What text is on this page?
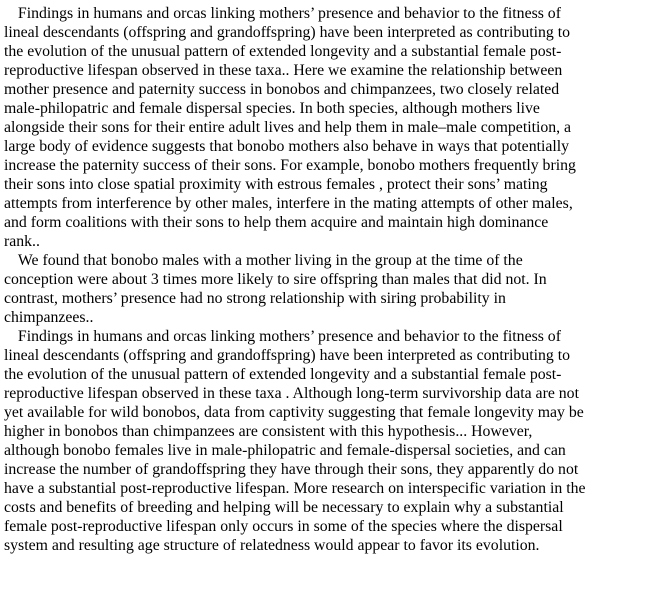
Findings in humans and orcas linking mothers’ presence and behavior to the fitness of
lineal descendants (offspring and grandoffspring) have been interpreted as contributing to
the evolution of the unusual pattern of extended longevity and a substantial female post-
reproductive lifespan observed in these taxa.. Here we examine the relationship between
mother presence and paternity success in bonobos and chimpanzees, two closely related
male-philopatric and female dispersal species. In both species, although mothers live
alongside their sons for their entire adult lives and help them in male–male competition, a
large body of evidence suggests that bonobo mothers also behave in ways that potentially
increase the paternity success of their sons. For example, bonobo mothers frequently bring
their sons into close spatial proximity with estrous females , protect their sons’ mating
attempts from interference by other males, interfere in the mating attempts of other males,
and form coalitions with their sons to help them acquire and maintain high dominance
rank..
We found that bonobo males with a mother living in the group at the time of the
conception were about 3 times more likely to sire offspring than males that did not. In
contrast, mothers’ presence had no strong relationship with siring probability in
chimpanzees..
Findings in humans and orcas linking mothers’ presence and behavior to the fitness of
lineal descendants (offspring and grandoffspring) have been interpreted as contributing to
the evolution of the unusual pattern of extended longevity and a substantial female post-
reproductive lifespan observed in these taxa . Although long-term survivorship data are not
yet available for wild bonobos, data from captivity suggesting that female longevity may be
higher in bonobos than chimpanzees are consistent with this hypothesis... However,
although bonobo females live in male-philopatric and female-dispersal societies, and can
increase the number of grandoffspring they have through their sons, they apparently do not
have a substantial post-reproductive lifespan. More research on interspecific variation in the
costs and benefits of breeding and helping will be necessary to explain why a substantial
female post-reproductive lifespan only occurs in some of the species where the dispersal
system and resulting age structure of relatedness would appear to favor its evolution.
